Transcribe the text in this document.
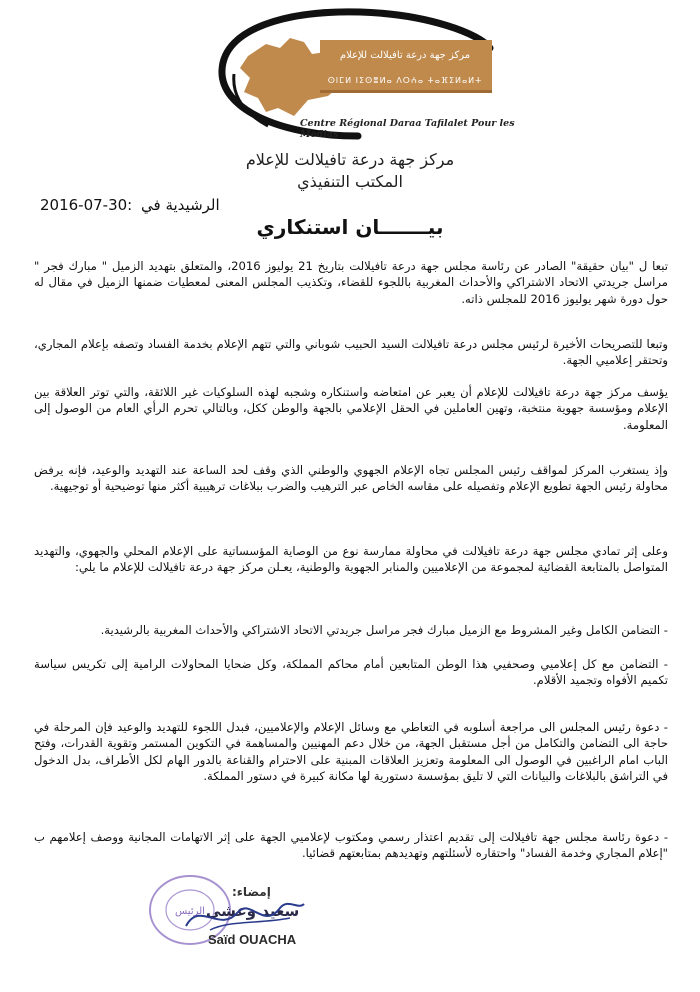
مركز جهة درعة تافيلالت للإعلام
ⵙⵏⵎⵍ ⵏⵉⵙⴻⵍⴰ ⴷⵔⵄⴰ ⵜⴰⴼⵉⵍⴰⵍⵜ
Centre Régional Daraa Tafilalet Pour les Medias
مركز جهة درعة تافيلالت للإعلام
المكتب التنفيذي
2016-07-30: الرشيدية في
بيـــــــان استنكاري

تبعا ل "بيان حقيقة" الصادر عن رئاسة مجلس جهة درعة تافيلالت بتاريخ 21 يوليوز 2016، والمتعلق بتهديد الزميل " مبارك فجر " مراسل جريدتي الاتحاد الاشتراكي والأحداث المغربية باللجوء للقضاء، وتكذيب المجلس المعنى لمعطيات ضمنها الزميل في مقال له حول دورة شهر يوليوز 2016 للمجلس ذاته.

وتبعا للتصريحات الأخيرة لرئيس مجلس درعة تافيلالت السيد الحبيب شوباني والتي تتهم الإعلام بخدمة الفساد وتصفه بإعلام المجاري، وتحتقر إعلاميي الجهة.

يؤسف مركز جهة درعة تافيلالت للإعلام أن يعبر عن امتعاضه واستنكاره وشجبه لهذه السلوكيات غير اللائقة، والتي توتر العلاقة بين الإعلام ومؤسسة جهوية منتخبة، وتهين العاملين في الحقل الإعلامي بالجهة والوطن ككل، وبالتالي تحرم الرأي العام من الوصول إلى المعلومة.

وإذ يستغرب المركز لمواقف رئيس المجلس تجاه الإعلام الجهوي والوطني الذي وقف لحد الساعة عند التهديد والوعيد، فإنه يرفض محاولة رئيس الجهة تطويع الإعلام وتفصيله على مقاسه الخاص عبر الترهيب والضرب ببلاغات ترهيبية أكثر منها توضيحية أو توجيهية.

وعلى إثر تمادي مجلس جهة درعة تافيلالت في محاولة ممارسة نوع من الوصاية المؤسساتية على الإعلام المحلي والجهوي، والتهديد المتواصل بالمتابعة القضائية لمجموعة من الإعلاميين والمنابر الجهوية والوطنية، يعـلن مركز جهة درعة تافيلالت للإعلام ما يلي:

- التضامن الكامل وغير المشروط مع الزميل مبارك فجر مراسل جريدتي الاتحاد الاشتراكي والأحداث المغربية بالرشيدية.

- التضامن مع كل إعلاميي وصحفيي هذا الوطن المتابعين أمام محاكم المملكة، وكل ضحايا المحاولات الرامية إلى تكريس سياسة تكميم الأفواه وتجميد الأقلام.

- دعوة رئيس المجلس الى مراجعة أسلوبه في التعاطي مع وسائل الإعلام والإعلاميين، فبدل اللجوء للتهديد والوعيد فإن المرحلة في حاجة الى التضامن والتكامل من أجل مستقبل الجهة، من خلال دعم المهنيين والمساهمة في التكوين المستمر وتقوية القدرات، وفتح الباب امام الراغبين في الوصول الى المعلومة وتعزيز العلاقات المبنية على الاحترام والقناعة بالدور الهام لكل الأطراف، بدل الدخول في التراشق بالبلاغات والبيانات التي لا تليق بمؤسسة دستورية لها مكانة كبيرة في دستور المملكة.

- دعوة رئاسة مجلس جهة تافيلالت إلى تقديم اعتذار رسمي ومكتوب لإعلاميي الجهة على إثر الاتهامات المجانية ووصف إعلامهم ب "إعلام المجاري وخدمة الفساد" واحتقاره لأسئلتهم وتهديدهم بمتابعتهم قضائيا.

الرئيس
إمضاء:
سعيد وعشى
Saïd OUACHA
